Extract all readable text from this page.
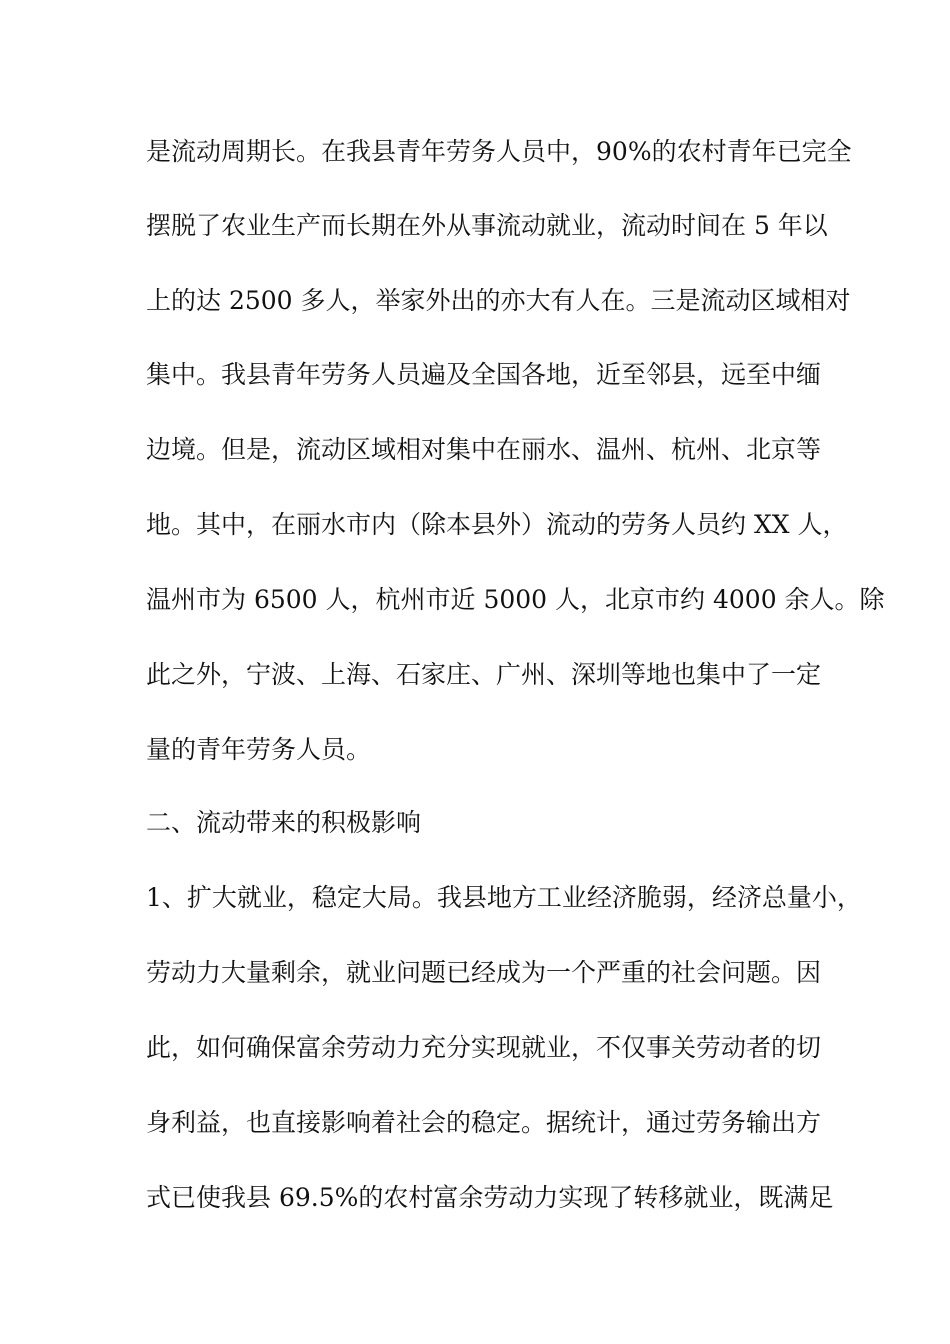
是流动周期长。在我县青年劳务人员中，90%的农村青年已完全
摆脱了农业生产而长期在外从事流动就业，流动时间在 5 年以
上的达 2500 多人，举家外出的亦大有人在。三是流动区域相对
集中。我县青年劳务人员遍及全国各地，近至邻县，远至中缅
边境。但是，流动区域相对集中在丽水、温州、杭州、北京等
地。其中，在丽水市内（除本县外）流动的劳务人员约 XX 人，
温州市为 6500 人，杭州市近 5000 人，北京市约 4000 余人。除
此之外，宁波、上海、石家庄、广州、深圳等地也集中了一定
量的青年劳务人员。
二、流动带来的积极影响
1、扩大就业，稳定大局。我县地方工业经济脆弱，经济总量小，
劳动力大量剩余，就业问题已经成为一个严重的社会问题。因
此，如何确保富余劳动力充分实现就业，不仅事关劳动者的切
身利益，也直接影响着社会的稳定。据统计，通过劳务输出方
式已使我县 69.5%的农村富余劳动力实现了转移就业，既满足
